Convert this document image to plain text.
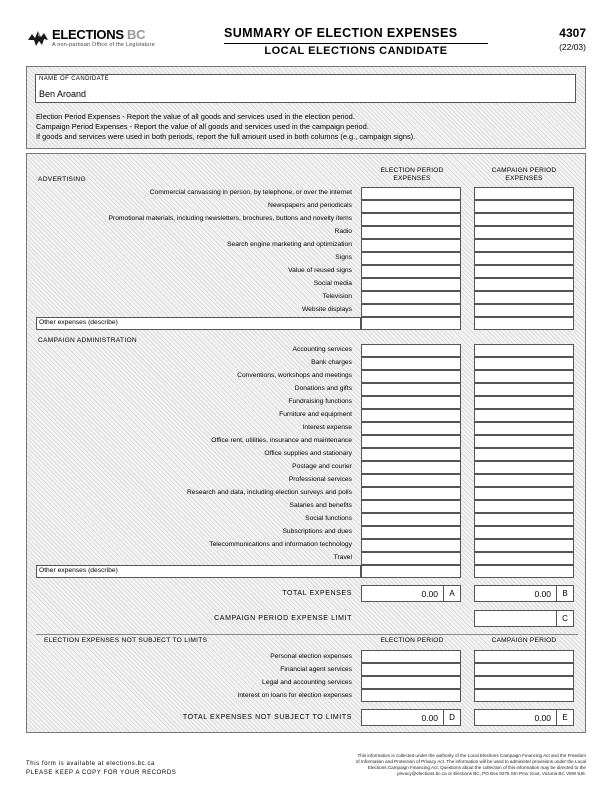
ELECTIONS BC
A non-partisan Office of the Legislature
SUMMARY OF ELECTION EXPENSES
LOCAL ELECTIONS CANDIDATE
4307
(22/03)
NAME OF CANDIDATE
Ben Aroand
Election Period Expenses - Report the value of all goods and services used in the election period.
Campaign Period Expenses - Report the value of all goods and services used in the campaign period.
If goods and services were used in both periods, report the full amount used in both columns (e.g., campaign signs).
ELECTION PERIOD EXPENSES
CAMPAIGN PERIOD EXPENSES
ADVERTISING
Commercial canvassing in person, by telephone, or over the internet
Newspapers and periodicals
Promotional materials, including newsletters, brochures, buttons and novelty items
Radio
Search engine marketing and optimization
Signs
Value of reused signs
Social media
Television
Website displays
Other expenses (describe)
CAMPAIGN ADMINISTRATION
Accounting services
Bank charges
Conventions, workshops and meetings
Donations and gifts
Fundraising functions
Furniture and equipment
Interest expense
Office rent, utilities, insurance and maintenance
Office supplies and stationary
Postage and courier
Professional services
Research and data, including election surveys and polls
Salaries and benefits
Social functions
Subscriptions and dues
Telecommunications and information technology
Travel
Other expenses (describe)
TOTAL EXPENSES	0.00	A	0.00	B
CAMPAIGN PERIOD EXPENSE LIMIT	C
ELECTION EXPENSES NOT SUBJECT TO LIMITS	ELECTION PERIOD	CAMPAIGN PERIOD
Personal election expenses
Financial agent services
Legal and accounting services
Interest on loans for election expenses
TOTAL EXPENSES NOT SUBJECT TO LIMITS	0.00	D	0.00	E
This form is available at elections.bc.ca
PLEASE KEEP A COPY FOR YOUR RECORDS
This information is collected under the authority of the Local Elections Campaign Financing Act and the Freedom
of Information and Protection of Privacy Act. The information will be used to administer provisions under the Local
Elections Campaign Financing Act. Questions about the collection of this information may be directed to the
privacy@elections.bc.ca or Elections BC, PO Box 9275 Stn Prov Govt, Victoria BC V8W 9J6.
